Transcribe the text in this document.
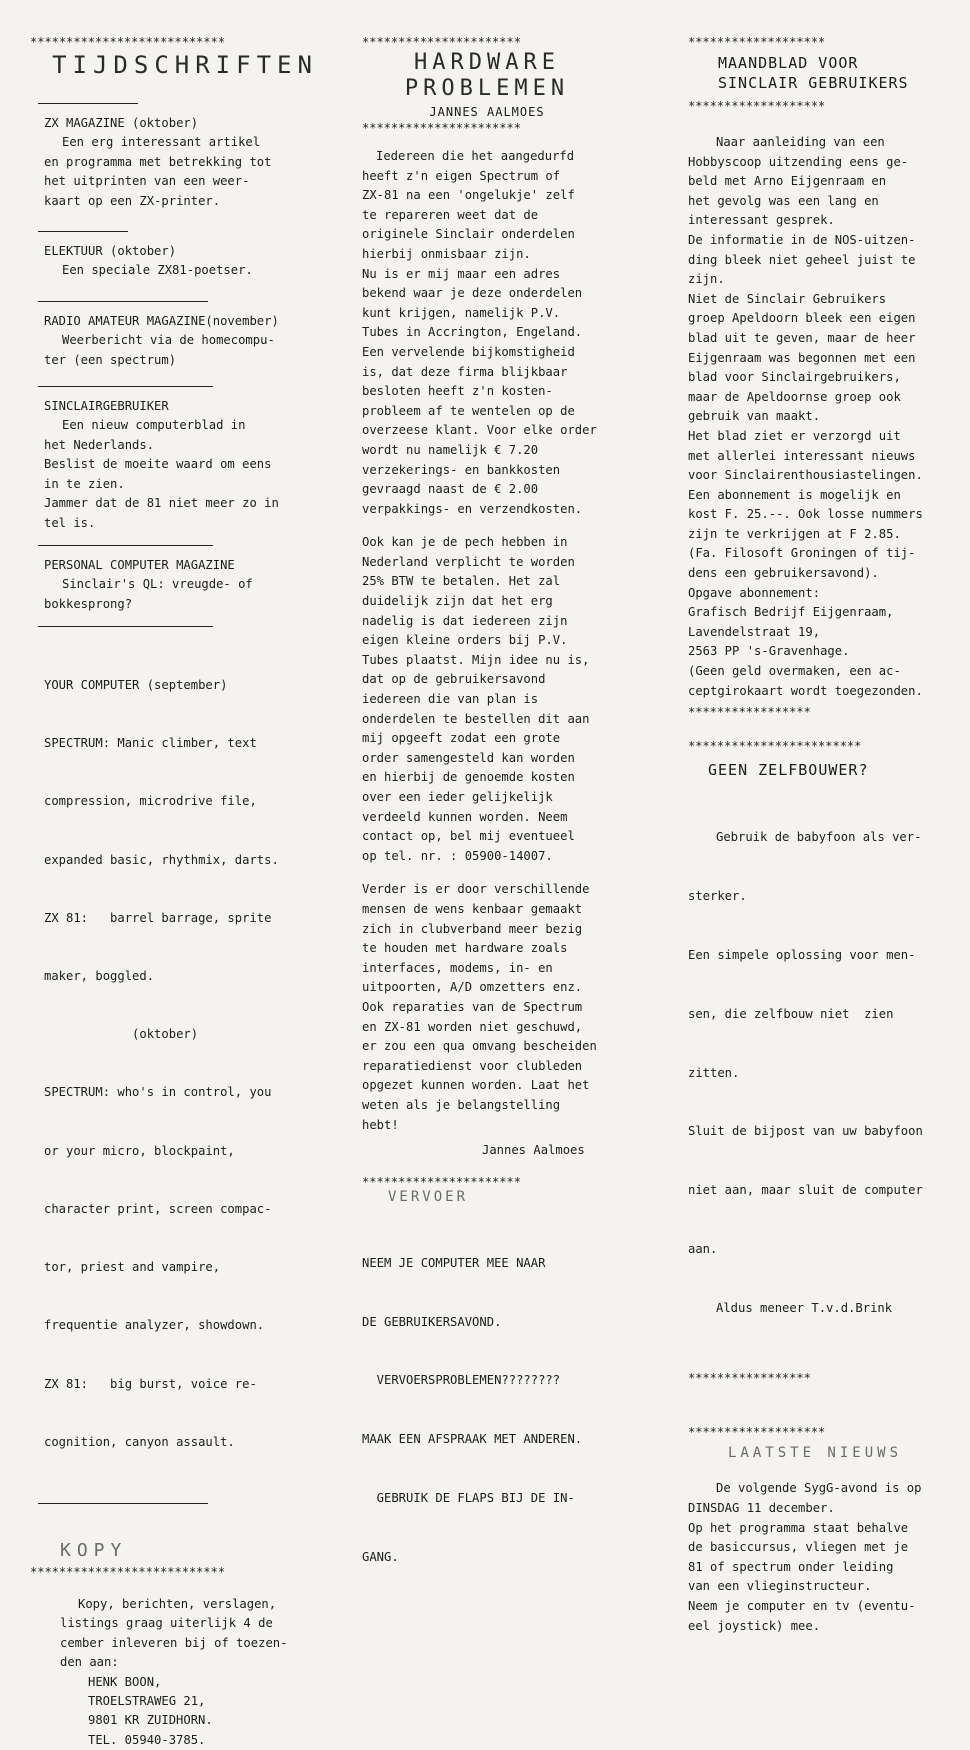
***************************
TIJDSCHRIFTEN
ZX MAGAZINE (oktober)
Een erg interessant artikel
en programma met betrekking tot
het uitprinten van een weer-
kaart op een ZX-printer.
ELEKTUUR (oktober)
Een speciale ZX81-poetser.
RADIO AMATEUR MAGAZINE(november)
Weerbericht via de homecompu-
ter (een spectrum)
SINCLAIRGEBRUIKER
Een nieuw computerblad in
het Nederlands.
Beslist de moeite waard om eens
in te zien.
Jammer dat de 81 niet meer zo in
tel is.
PERSONAL COMPUTER MAGAZINE
Sinclair's QL: vreugde- of
bokkesprong?

YOUR COMPUTER (september)

SPECTRUM: Manic climber, text

compression, microdrive file,

expanded basic, rhythmix, darts.

ZX 81:   barrel barrage, sprite

maker, boggled.

(oktober)

SPECTRUM: who's in control, you

or your micro, blockpaint,

character print, screen compac-

tor, priest and vampire,

frequentie analyzer, showdown.

ZX 81:   big burst, voice re-

cognition, canyon assault.

KOPY
***************************
Kopy, berichten, verslagen,
listings graag uiterlijk 4 de
cember inleveren bij of toezen-
den aan:
HENK BOON,
TROELSTRAWEG 21,
9801 KR ZUIDHORN.
TEL. 05940-3785.
**********************
HARDWARE
PROBLEMEN
JANNES AALMOES
**********************
Iedereen die het aangedurfd
heeft z'n eigen Spectrum of
ZX-81 na een 'ongelukje' zelf
te repareren weet dat de
originele Sinclair onderdelen
hierbij onmisbaar zijn.
Nu is er mij maar een adres
bekend waar je deze onderdelen
kunt krijgen, namelijk P.V.
Tubes in Accrington, Engeland.
Een vervelende bijkomstigheid
is, dat deze firma blijkbaar
besloten heeft z'n kosten-
probleem af te wentelen op de
overzeese klant. Voor elke order
wordt nu namelijk € 7.20
verzekerings- en bankkosten
gevraagd naast de € 2.00
verpakkings- en verzendkosten.
Ook kan je de pech hebben in
Nederland verplicht te worden
25% BTW te betalen. Het zal
duidelijk zijn dat het erg
nadelig is dat iedereen zijn
eigen kleine orders bij P.V.
Tubes plaatst. Mijn idee nu is,
dat op de gebruikersavond
iedereen die van plan is
onderdelen te bestellen dit aan
mij opgeeft zodat een grote
order samengesteld kan worden
en hierbij de genoemde kosten
over een ieder gelijkelijk
verdeeld kunnen worden. Neem
contact op, bel mij eventueel
op tel. nr. : 05900-14007.
Verder is er door verschillende
mensen de wens kenbaar gemaakt
zich in clubverband meer bezig
te houden met hardware zoals
interfaces, modems, in- en
uitpoorten, A/D omzetters enz.
Ook reparaties van de Spectrum
en ZX-81 worden niet geschuwd,
er zou een qua omvang bescheiden
reparatiedienst voor clubleden
opgezet kunnen worden. Laat het
weten als je belangstelling
hebt!
Jannes Aalmoes
**********************
VERVOER

NEEM JE COMPUTER MEE NAAR

DE GEBRUIKERSAVOND.

VERVOERSPROBLEMEN????????

MAAK EEN AFSPRAAK MET ANDEREN.

GEBRUIK DE FLAPS BIJ DE IN-

GANG.

*******************
MAANDBLAD VOOR
SINCLAIR GEBRUIKERS
*******************
Naar aanleiding van een
Hobbyscoop uitzending eens ge-
beld met Arno Eijgenraam en
het gevolg was een lang en
interessant gesprek.
De informatie in de NOS-uitzen-
ding bleek niet geheel juist te
zijn.
Niet de Sinclair Gebruikers
groep Apeldoorn bleek een eigen
blad uit te geven, maar de heer
Eijgenraam was begonnen met een
blad voor Sinclairgebruikers,
maar de Apeldoornse groep ook
gebruik van maakt.
Het blad ziet er verzorgd uit
met allerlei interessant nieuws
voor Sinclairenthousiastelingen.
Een abonnement is mogelijk en
kost F. 25.--. Ook losse nummers
zijn te verkrijgen at F 2.85.
(Fa. Filosoft Groningen of tij-
dens een gebruikersavond).
Opgave abonnement:
Grafisch Bedrijf Eijgenraam,
Lavendelstraat 19,
2563 PP 's-Gravenhage.
(Geen geld overmaken, een ac-
ceptgirokaart wordt toegezonden.
*****************
************************
GEEN ZELFBOUWER?

Gebruik de babyfoon als ver-

sterker.

Een simpele oplossing voor men-

sen, die zelfbouw niet  zien

zitten.

Sluit de bijpost van uw babyfoon

niet aan, maar sluit de computer

aan.

Aldus meneer T.v.d.Brink

*****************
*******************
LAATSTE NIEUWS
De volgende SygG-avond is op
DINSDAG 11 december.
Op het programma staat behalve
de basiccursus, vliegen met je
81 of spectrum onder leiding
van een vlieginstructeur.
Neem je computer en tv (eventu-
eel joystick) mee.
